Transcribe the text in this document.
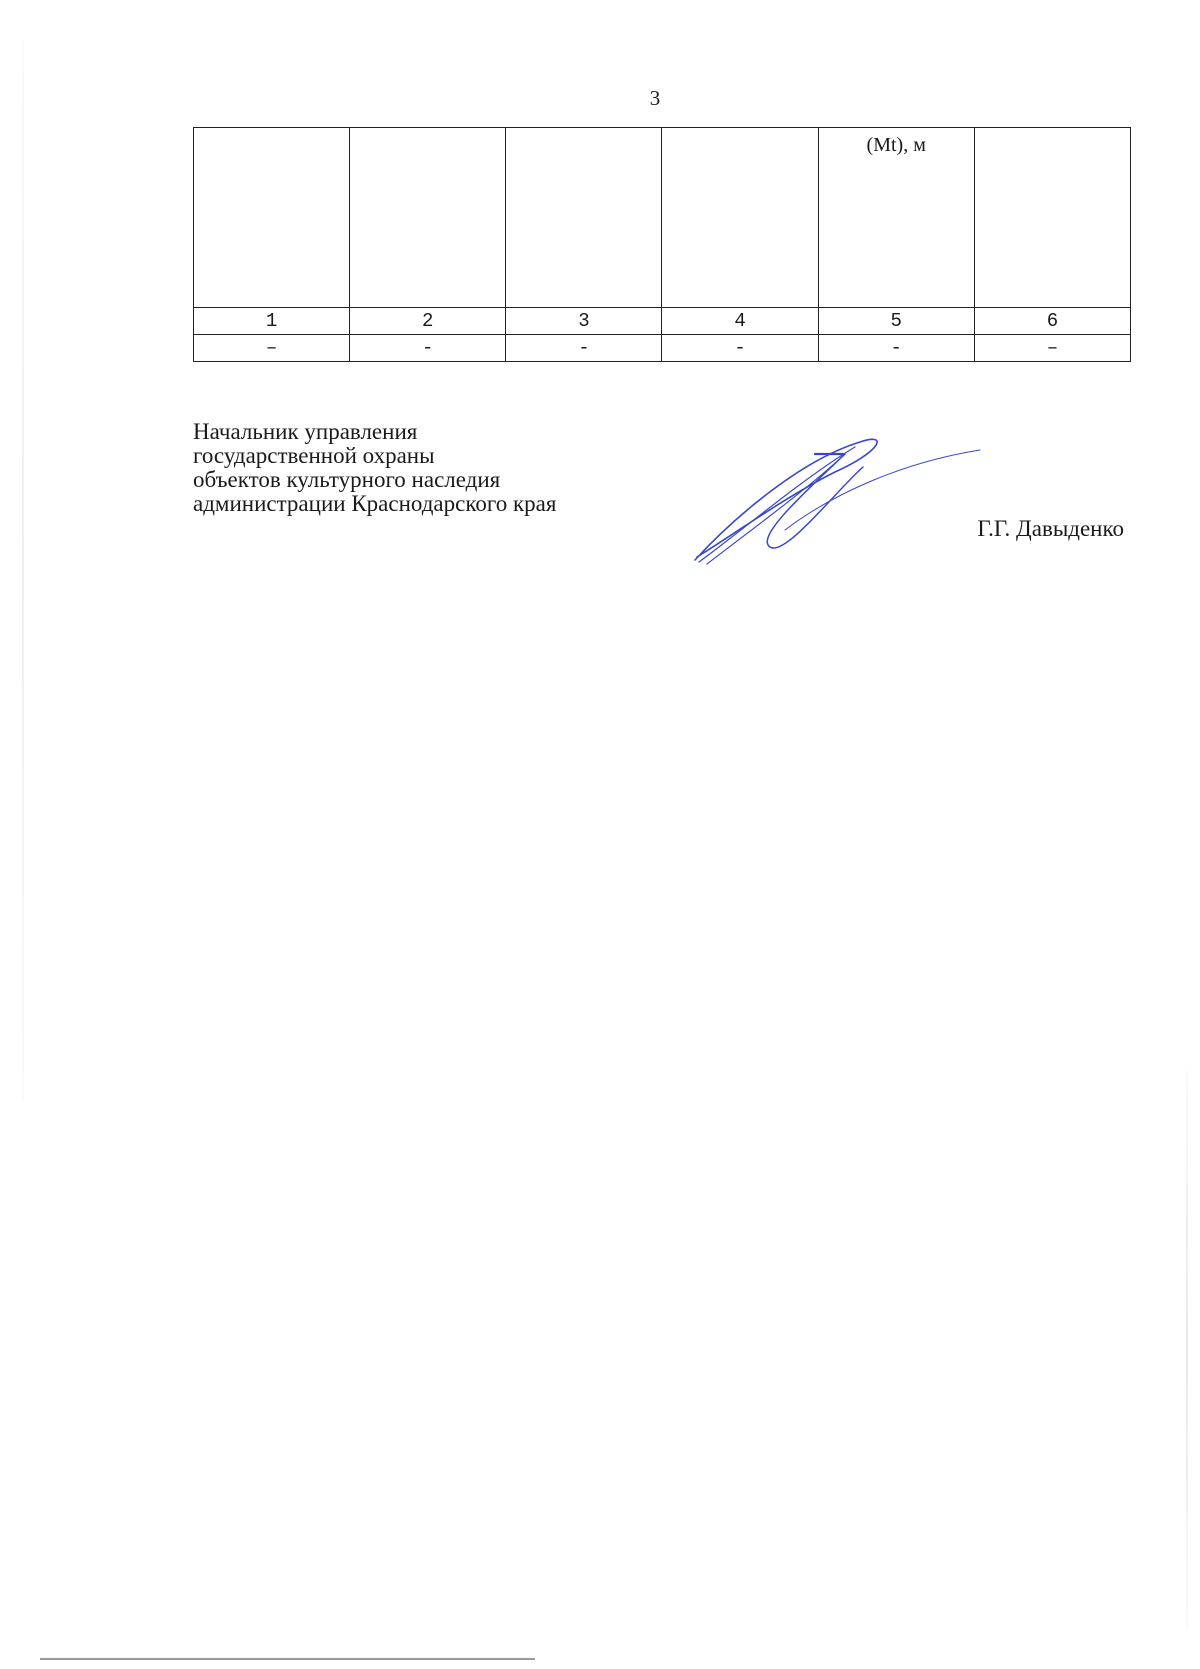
3
				(Mt), м	
1	2	3	4	5	6
–	-	-	-	-	–
Начальник управления
государственной охраны
объектов культурного наследия
администрации Краснодарского края
Г.Г. Давыденко
